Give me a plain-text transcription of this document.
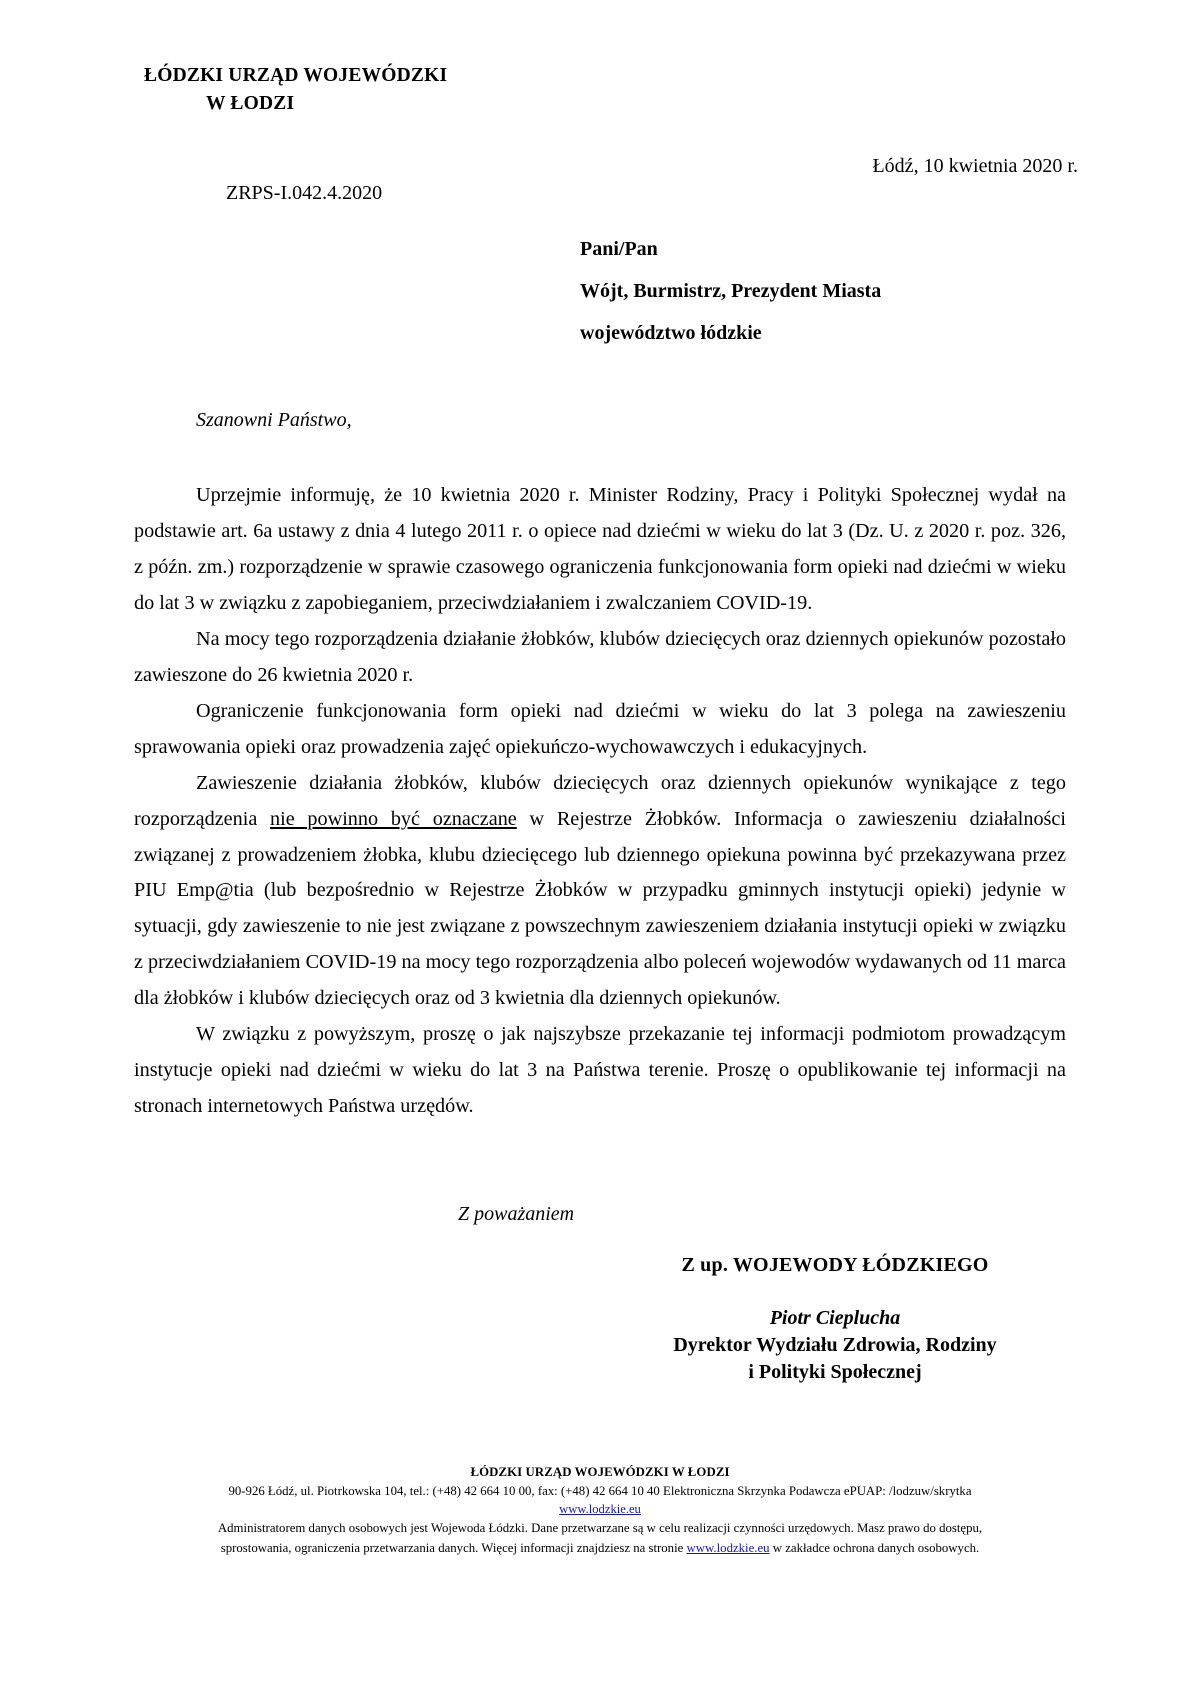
ŁÓDZKI URZĄD WOJEWÓDZKI
W ŁODZI
Łódź, 10 kwietnia 2020 r.
ZRPS-I.042.4.2020
Pani/Pan
Wójt, Burmistrz, Prezydent Miasta
województwo łódzkie
Szanowni Państwo,

Uprzejmie informuję, że 10 kwietnia 2020 r. Minister Rodziny, Pracy i Polityki Społecznej wydał na podstawie art. 6a ustawy z dnia 4 lutego 2011 r. o opiece nad dziećmi w wieku do lat 3 (Dz. U. z 2020 r. poz. 326, z późn. zm.) rozporządzenie w sprawie czasowego ograniczenia funkcjonowania form opieki nad dziećmi w wieku do lat 3 w związku z zapobieganiem, przeciwdziałaniem i zwalczaniem COVID-19.

Na mocy tego rozporządzenia działanie żłobków, klubów dziecięcych oraz dziennych opiekunów pozostało zawieszone do 26 kwietnia 2020 r.

Ograniczenie funkcjonowania form opieki nad dziećmi w wieku do lat 3 polega na zawieszeniu sprawowania opieki oraz prowadzenia zajęć opiekuńczo-wychowawczych i edukacyjnych.

Zawieszenie działania żłobków, klubów dziecięcych oraz dziennych opiekunów wynikające z tego rozporządzenia nie powinno być oznaczane w Rejestrze Żłobków. Informacja o zawieszeniu działalności związanej z prowadzeniem żłobka, klubu dziecięcego lub dziennego opiekuna powinna być przekazywana przez PIU Emp@tia (lub bezpośrednio w Rejestrze Żłobków w przypadku gminnych instytucji opieki) jedynie w sytuacji, gdy zawieszenie to nie jest związane z powszechnym zawieszeniem działania instytucji opieki w związku z przeciwdziałaniem COVID-19 na mocy tego rozporządzenia albo poleceń wojewodów wydawanych od 11 marca dla żłobków i klubów dziecięcych oraz od 3 kwietnia dla dziennych opiekunów.

W związku z powyższym, proszę o jak najszybsze przekazanie tej informacji podmiotom prowadzącym instytucje opieki nad dziećmi w wieku do lat 3 na Państwa terenie. Proszę o opublikowanie tej informacji na stronach internetowych Państwa urzędów.

Z poważaniem
Z up. WOJEWODY ŁÓDZKIEGO
Piotr Cieplucha
Dyrektor Wydziału Zdrowia, Rodziny
i Polityki Społecznej
ŁÓDZKI URZĄD WOJEWÓDZKI W ŁODZI
90-926 Łódź, ul. Piotrkowska 104, tel.: (+48) 42 664 10 00, fax: (+48) 42 664 10 40 Elektroniczna Skrzynka Podawcza ePUAP: /lodzuw/skrytka
www.lodzkie.eu
Administratorem danych osobowych jest Wojewoda Łódzki. Dane przetwarzane są w celu realizacji czynności urzędowych. Masz prawo do dostępu,
sprostowania, ograniczenia przetwarzania danych. Więcej informacji znajdziesz na stronie www.lodzkie.eu w zakładce ochrona danych osobowych.
